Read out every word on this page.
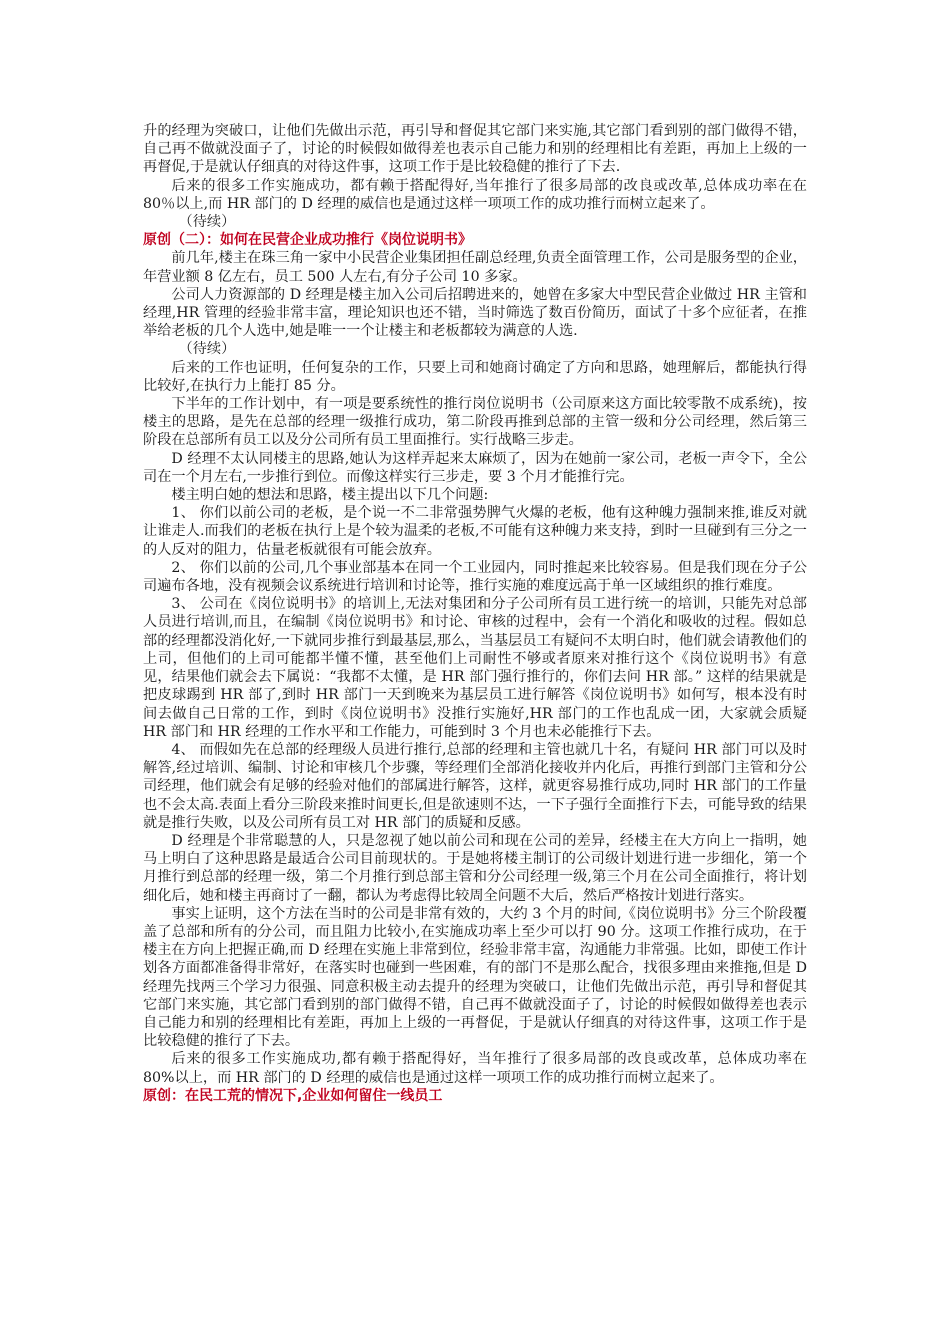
升的经理为突破口，让他们先做出示范，再引导和督促其它部门来实施,其它部门看到别的部门做得不错，自己再不做就没面子了，讨论的时候假如做得差也表示自己能力和别的经理相比有差距，再加上上级的一再督促,于是就认仔细真的对待这件事，这项工作于是比较稳健的推行了下去.

后来的很多工作实施成功，都有赖于搭配得好,当年推行了很多局部的改良或改革,总体成功率在在 80％以上,而 HR 部门的 D 经理的威信也是通过这样一项项工作的成功推行而树立起来了。

（待续）

原创（二）：如何在民营企业成功推行《岗位说明书》

前几年,楼主在珠三角一家中小民营企业集团担任副总经理,负责全面管理工作，公司是服务型的企业，年营业额 8 亿左右，员工 500 人左右,有分子公司 10 多家。

公司人力资源部的 D 经理是楼主加入公司后招聘进来的，她曾在多家大中型民营企业做过 HR 主管和经理,HR 管理的经验非常丰富，理论知识也还不错，当时筛选了数百份简历，面试了十多个应征者，在推举给老板的几个人选中,她是唯一一个让楼主和老板都较为满意的人选.

（待续）

后来的工作也证明，任何复杂的工作，只要上司和她商讨确定了方向和思路，她理解后，都能执行得比较好,在执行力上能打 85 分。

下半年的工作计划中，有一项是要系统性的推行岗位说明书（公司原来这方面比较零散不成系统)，按楼主的思路，是先在总部的经理一级推行成功，第二阶段再推到总部的主管一级和分公司经理，然后第三阶段在总部所有员工以及分公司所有员工里面推行。实行战略三步走。

D 经理不太认同楼主的思路,她认为这样弄起来太麻烦了，因为在她前一家公司，老板一声令下，全公司在一个月左右,一步推行到位。而像这样实行三步走，要 3 个月才能推行完。

楼主明白她的想法和思路，楼主提出以下几个问题:

1、 你们以前公司的老板，是个说一不二非常强势脾气火爆的老板，他有这种魄力强制来推,谁反对就让谁走人.而我们的老板在执行上是个较为温柔的老板,不可能有这种魄力来支持，到时一旦碰到有三分之一的人反对的阻力，估量老板就很有可能会放弃。

2、 你们以前的公司,几个事业部基本在同一个工业园内，同时推起来比较容易。但是我们现在分子公司遍布各地，没有视频会议系统进行培训和讨论等，推行实施的难度远高于单一区域组织的推行难度。

3、 公司在《岗位说明书》的培训上,无法对集团和分子公司所有员工进行统一的培训，只能先对总部人员进行培训,而且，在编制《岗位说明书》和讨论、审核的过程中，会有一个消化和吸收的过程。假如总部的经理都没消化好,一下就同步推行到最基层,那么，当基层员工有疑问不太明白时，他们就会请教他们的上司，但他们的上司可能都半懂不懂，甚至他们上司耐性不够或者原来对推行这个《岗位说明书》有意见，结果他们就会去下属说：“我都不太懂，是 HR 部门强行推行的，你们去问 HR 部。” 这样的结果就是把皮球踢到 HR 部了,到时 HR 部门一天到晚来为基层员工进行解答《岗位说明书》如何写，根本没有时间去做自己日常的工作，到时《岗位说明书》没推行实施好,HR 部门的工作也乱成一团，大家就会质疑 HR 部门和 HR 经理的工作水平和工作能力，可能到时 3 个月也未必能推行下去。

4、 而假如先在总部的经理级人员进行推行,总部的经理和主管也就几十名，有疑问 HR 部门可以及时解答,经过培训、编制、讨论和审核几个步骤，等经理们全部消化接收并内化后，再推行到部门主管和分公司经理，他们就会有足够的经验对他们的部属进行解答，这样，就更容易推行成功,同时 HR 部门的工作量也不会太高.表面上看分三阶段来推时间更长,但是欲速则不达，一下子强行全面推行下去，可能导致的结果就是推行失败，以及公司所有员工对 HR 部门的质疑和反感。

D 经理是个非常聪慧的人，只是忽视了她以前公司和现在公司的差异，经楼主在大方向上一指明，她马上明白了这种思路是最适合公司目前现状的。于是她将楼主制订的公司级计划进行进一步细化，第一个月推行到总部的经理一级，第二个月推行到总部主管和分公司经理一级,第三个月在公司全面推行，将计划细化后，她和楼主再商讨了一翻，都认为考虑得比较周全问题不大后，然后严格按计划进行落实。

事实上证明，这个方法在当时的公司是非常有效的，大约 3 个月的时间,《岗位说明书》分三个阶段覆盖了总部和所有的分公司，而且阻力比较小,在实施成功率上至少可以打 90 分。这项工作推行成功，在于楼主在方向上把握正确,而 D 经理在实施上非常到位，经验非常丰富，沟通能力非常强。比如，即使工作计划各方面都准备得非常好，在落实时也碰到一些困难，有的部门不是那么配合，找很多理由来推拖,但是 D 经理先找两三个学习力很强、同意积极主动去提升的经理为突破口，让他们先做出示范，再引导和督促其它部门来实施，其它部门看到别的部门做得不错，自己再不做就没面子了，讨论的时候假如做得差也表示自己能力和别的经理相比有差距，再加上上级的一再督促，于是就认仔细真的对待这件事，这项工作于是比较稳健的推行了下去。

后来的很多工作实施成功,都有赖于搭配得好，当年推行了很多局部的改良或改革，总体成功率在 80%以上，而 HR 部门的 D 经理的威信也是通过这样一项项工作的成功推行而树立起来了。

原创：在民工荒的情况下,企业如何留住一线员工
